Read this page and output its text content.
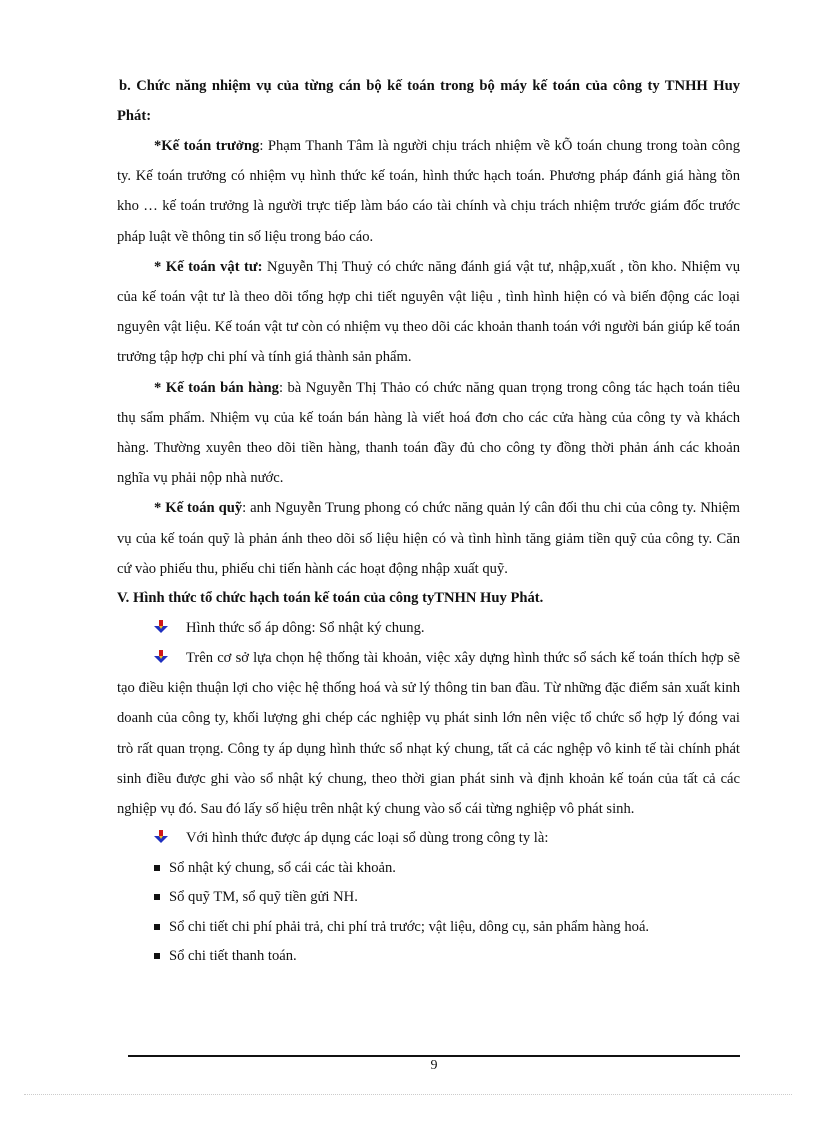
b. Chức năng nhiệm vụ của từng cán bộ kế toán trong bộ máy kế toán của công ty TNHH Huy Phát:

*Kế toán trưởng: Phạm Thanh Tâm là người chịu trách nhiệm về kÕ toán chung trong toàn công ty. Kế toán trưởng có nhiệm vụ hình thức kế toán, hình thức hạch toán. Phương pháp đánh giá hàng tồn kho … kế toán trưởng là người trực tiếp làm báo cáo tài chính và chịu trách nhiệm trước giám đốc trước pháp luật về thông tin số liệu trong báo cáo.

* Kế toán vật tư: Nguyễn Thị Thuỷ có chức năng đánh giá vật tư, nhập,xuất , tồn kho. Nhiệm vụ của kế toán vật tư là theo dõi tổng hợp chi tiết nguyên vật liệu , tình hình hiện có và biến động các loại nguyên vật liệu. Kế toán vật tư còn có nhiệm vụ theo dõi các khoản thanh toán với người bán giúp kế toán trưởng tập hợp chi phí và tính giá thành sản phẩm.

* Kế toán bán hàng: bà Nguyễn Thị Thảo có chức năng quan trọng trong công tác hạch toán tiêu thụ sẩm phẩm. Nhiệm vụ của kế toán bán hàng là viết hoá đơn cho các cửa hàng của công ty và khách hàng. Thường xuyên theo dõi tiền hàng, thanh toán đầy đủ cho công ty đồng thời phản ánh các khoản nghĩa vụ phải nộp nhà nước.

* Kế toán quỹ: anh Nguyễn Trung phong có chức năng quản lý cân đối thu chi của công ty. Nhiệm vụ của kế toán quỹ là phản ánh theo dõi số liệu hiện có và tình hình tăng giảm tiền quỹ của công ty. Căn cứ vào phiếu thu, phiếu chi tiến hành các hoạt động nhập xuất quỹ.

V. Hình thức tổ chức hạch toán kế toán của công tyTNHN Huy Phát.

Hình thức sổ áp dông: Sổ nhật ký chung.

Trên cơ sở lựa chọn hệ thống tài khoản, việc xây dựng hình thức sổ sách kế toán thích hợp sẽ tạo điều kiện thuận lợi cho việc hệ thống hoá và sử lý thông tin ban đầu. Từ những đặc điểm sản xuất kinh doanh của công ty, khối lượng ghi chép các nghiệp vụ phát sinh lớn nên việc tổ chức sổ hợp lý đóng vai trò rất quan trọng. Công ty áp dụng hình thức sổ nhạt ký chung, tất cả các nghệp vô kinh tế tài chính phát sinh điều được ghi vào sổ nhật ký chung, theo thời gian phát sinh và định khoản kế toán của tất cả các nghiệp vụ đó. Sau đó lấy số hiệu trên nhật ký chung vào sổ cái từng nghiệp vô phát sinh.

Với hình thức được áp dụng các loại sổ dùng trong công ty là:

Sổ nhật ký chung, sổ cái các tài khoản.

Sổ quỹ TM, sổ quỹ tiền gửi NH.

Sổ chi tiết chi phí phải trả, chi phí trả trước; vật liệu, dông cụ, sản phẩm hàng hoá.

Sổ chi tiết thanh toán.

9
